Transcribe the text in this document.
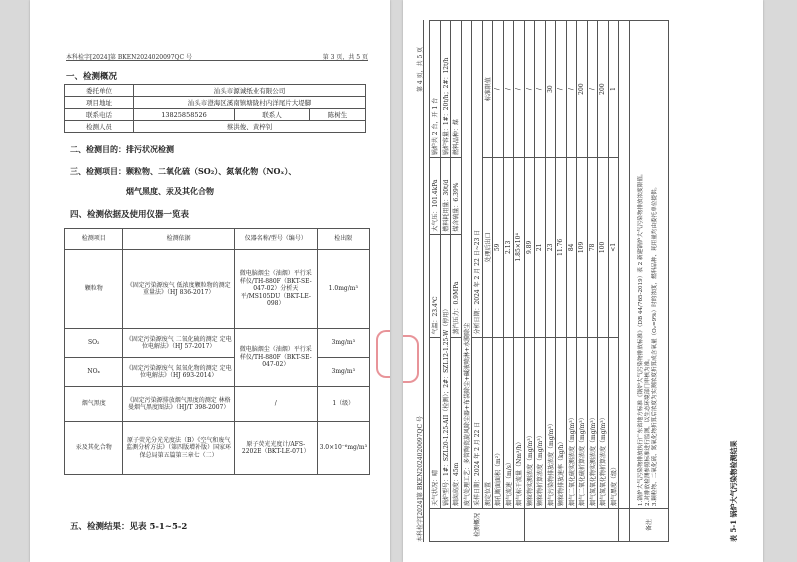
本科检字[2024]第 BKEN2024020097QC 号	第 3 页，共 5 页
一、检测概况
委托单位	汕头市源诚纸业有限公司		
项目地址	汕头市澄海区溪南镇塘陇村内洋尾片大堤脚		
联系电话	13825858526	联系人	陈树生
检测人员	蔡洪俊、黄梓钊		

二、检测目的：排污状况检测

三、检测项目：颗粒物、二氧化硫（SO₂）、氮氧化物（NOₓ）、

烟气黑度、汞及其化合物

四、检测依据及使用仪器一览表
检测项目	检测依据	仪器名称/型号（编号）	检出限
颗粒物	《固定污染源废气 低浓度颗粒物的测定 重量法》（HJ 836-2017）	微电脑烟尘（油烟）平行采样仪/TH-880F（BKT-SE-047-02）分析天平/MS105DU（BKT-LE-098）	1.0mg/m³
SO₂	《固定污染源废气 二氧化硫的测定 定电位电解法》（HJ 57-2017）	微电脑烟尘（油烟）平行采样仪/TH-880F（BKT-SE-047-02）	3mg/m³
NOₓ	《固定污染源废气 氮氧化物的测定 定电位电解法》（HJ 693-2014）		3mg/m³
烟气黑度	《固定污染源排放烟气黑度的测定 林格曼烟气黑度图法》（HJ/T 398-2007）	/	1（级）
汞及其化合物	原子荧光分光光度法（B）《空气和废气监测分析方法》（第四版增补版）国家环保总局第五篇第三章七（二）	原子荧光光度计/AFS-2202E（BKT-LE-071）	3.0×10⁻⁶mg/m³
五、检测结果：见表 5-1~5-2	本科检字[2024]第 BKEN2024020097QC 号
第 4 页，共 5 页
表 5-1 锅炉大气污染物检测结果
检测概况	天气状况：晴	气温：23.4℃	大气压：101.4kPa	锅炉共 2 台，开 1 台
	锅炉型号：1#：SZL20-1.25-AII（检测）；2#：SZL12-1.25-W（停用）		燃料耗用量：30t/d	锅炉容量：1#：20t/h；2#：12t/h
	烟囱高度：45m	蒸汽压力：0.9MPa	煤含硫量：6.39%	燃料品种：煤
	废气处理工艺：多管陶瓷旋风除尘器+布袋除尘+碱液喷淋+水膜除尘			
	采样日期：2024 年 2 月 22 日	分析日期：2024 年 2 月 22 日~23 日		
	测定位置	处理后出口		标准限值
	烟孔断面面积（m²）	59		/
	烟气流速（m/s）	2.13		/
	烟气标干流量（Nm³/h）	1.85×10⁴		/
	颗粒物实测浓度（mg/m³）	9.89		/
	颗粒物折算浓度（mg/m³）	21		/
	烟气污染物排放浓度（mg/m³）	23		30
	颗粒物排放速率（kg/h）	11.76		/
	烟气二氧化硫实测浓度（mg/m³）	84		/
	烟气二氧化硫折算浓度（mg/m³）	109		200
	烟气氮氧化物实测浓度（mg/m³）	78		/
	烟气氮氧化物折算浓度（mg/m³）	100		200
	烟气黑度（级）	<1		1

备注	1.锅炉大气污染物排放执行广东省地方标准《锅炉大气污染物排放标准》（DB 44/765-2019）表 2 新建锅炉大气污染物排放浓度限值。 2.对排放检测参照标准进行监测，以生态环境部门审核为准。 3.颗粒物、二氧化硫、氮氧化物折算后浓度为实测浓度折算成含氧量（O₂=9%）时的浓度，燃料品种、耗用量均由委托单位提供。			
